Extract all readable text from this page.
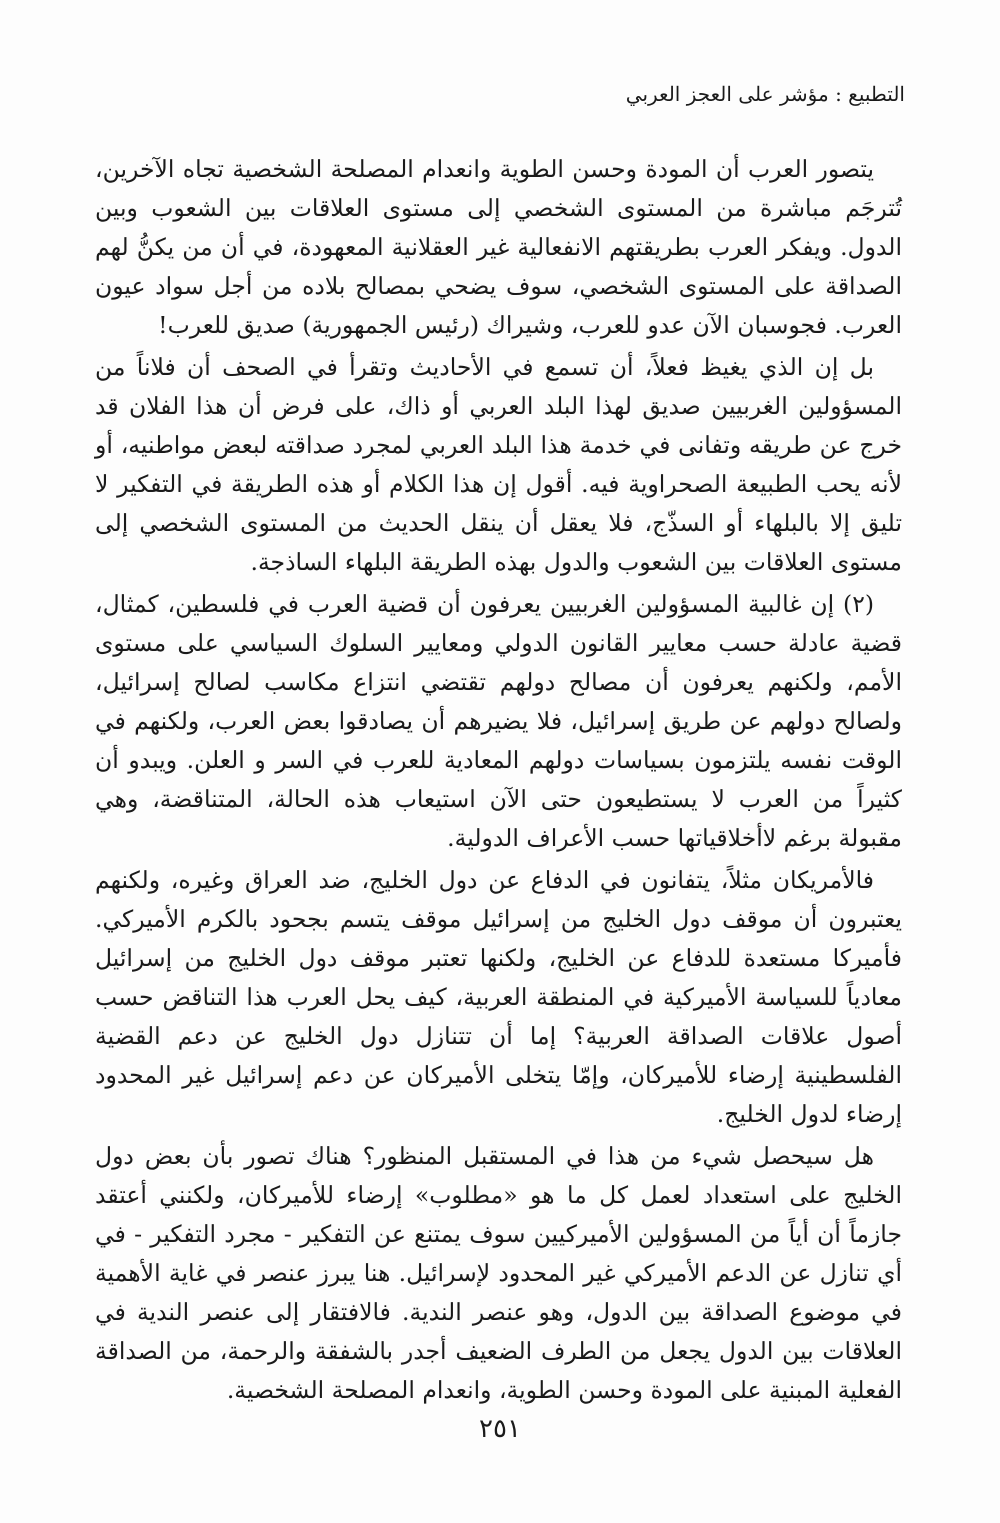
التطبيع : مؤشر على العجز العربي

يتصور العرب أن المودة وحسن الطوية وانعدام المصلحة الشخصية تجاه الآخرين، تُترجَم مباشرة من المستوى الشخصي إلى مستوى العلاقات بين الشعوب وبين الدول. ويفكر العرب بطريقتهم الانفعالية غير العقلانية المعهودة، في أن من يكنُّ لهم الصداقة على المستوى الشخصي، سوف يضحي بمصالح بلاده من أجل سواد عيون العرب. فجوسبان الآن عدو للعرب، وشيراك (رئيس الجمهورية) صديق للعرب!

بل إن الذي يغيظ فعلاً، أن تسمع في الأحاديث وتقرأ في الصحف أن فلاناً من المسؤولين الغربيين صديق لهذا البلد العربي أو ذاك، على فرض أن هذا الفلان قد خرج عن طريقه وتفانى في خدمة هذا البلد العربي لمجرد صداقته لبعض مواطنيه، أو لأنه يحب الطبيعة الصحراوية فيه. أقول إن هذا الكلام أو هذه الطريقة في التفكير لا تليق إلا بالبلهاء أو السذّج، فلا يعقل أن ينقل الحديث من المستوى الشخصي إلى مستوى العلاقات بين الشعوب والدول بهذه الطريقة البلهاء الساذجة.

(٢) إن غالبية المسؤولين الغربيين يعرفون أن قضية العرب في فلسطين، كمثال، قضية عادلة حسب معايير القانون الدولي ومعايير السلوك السياسي على مستوى الأمم، ولكنهم يعرفون أن مصالح دولهم تقتضي انتزاع مكاسب لصالح إسرائيل، ولصالح دولهم عن طريق إسرائيل، فلا يضيرهم أن يصادقوا بعض العرب، ولكنهم في الوقت نفسه يلتزمون بسياسات دولهم المعادية للعرب في السر و العلن. ويبدو أن كثيراً من العرب لا يستطيعون حتى الآن استيعاب هذه الحالة، المتناقضة، وهي مقبولة برغم لاأخلاقياتها حسب الأعراف الدولية.

فالأمريكان مثلاً، يتفانون في الدفاع عن دول الخليج، ضد العراق وغيره، ولكنهم يعتبرون أن موقف دول الخليج من إسرائيل موقف يتسم بجحود بالكرم الأميركي. فأميركا مستعدة للدفاع عن الخليج، ولكنها تعتبر موقف دول الخليج من إسرائيل معادياً للسياسة الأميركية في المنطقة العربية، كيف يحل العرب هذا التناقض حسب أصول علاقات الصداقة العربية؟ إما أن تتنازل دول الخليج عن دعم القضية الفلسطينية إرضاء للأميركان، وإمّا يتخلى الأميركان عن دعم إسرائيل غير المحدود إرضاء لدول الخليج.

هل سيحصل شيء من هذا في المستقبل المنظور؟ هناك تصور بأن بعض دول الخليج على استعداد لعمل كل ما هو «مطلوب» إرضاء للأميركان، ولكنني أعتقد جازماً أن أياً من المسؤولين الأميركيين سوف يمتنع عن التفكير - مجرد التفكير - في أي تنازل عن الدعم الأميركي غير المحدود لإسرائيل. هنا يبرز عنصر في غاية الأهمية في موضوع الصداقة بين الدول، وهو عنصر الندية. فالافتقار إلى عنصر الندية في العلاقات بين الدول يجعل من الطرف الضعيف أجدر بالشفقة والرحمة، من الصداقة الفعلية المبنية على المودة وحسن الطوية، وانعدام المصلحة الشخصية.

٢٥١
